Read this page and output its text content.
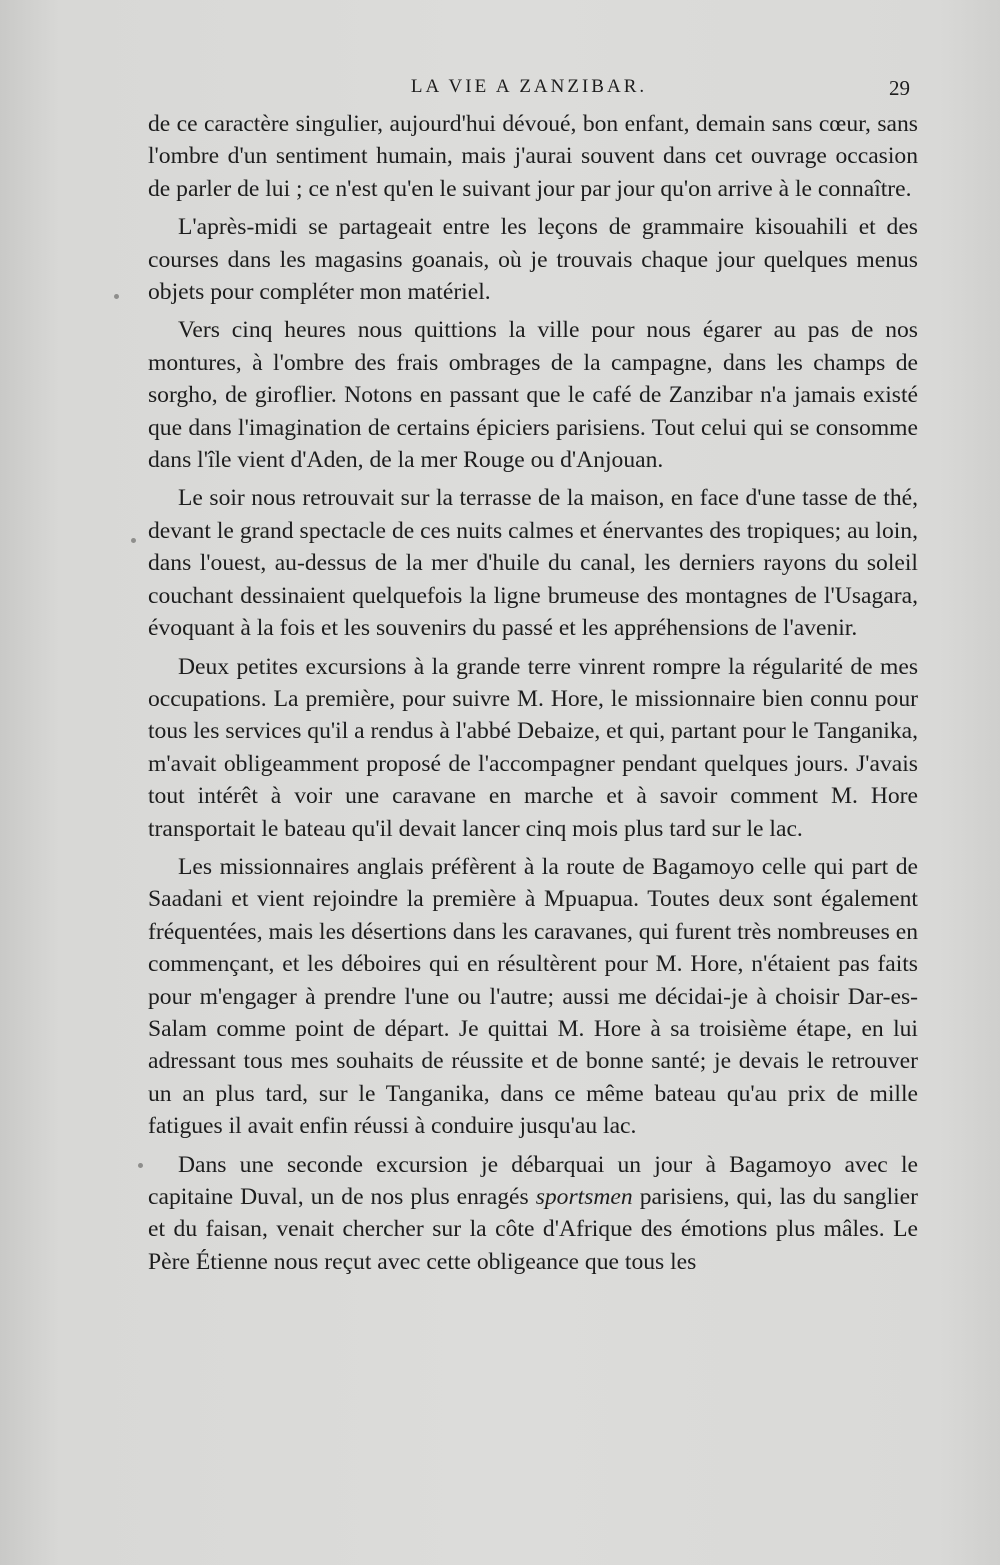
LA VIE A ZANZIBAR.	29

de ce caractère singulier, aujourd'hui dévoué, bon enfant, demain sans cœur, sans l'ombre d'un sentiment humain, mais j'aurai souvent dans cet ouvrage occasion de parler de lui ; ce n'est qu'en le suivant jour par jour qu'on arrive à le connaître.

L'après-midi se partageait entre les leçons de grammaire kisouahili et des courses dans les magasins goanais, où je trouvais chaque jour quelques menus objets pour compléter mon matériel.

Vers cinq heures nous quittions la ville pour nous égarer au pas de nos montures, à l'ombre des frais ombrages de la campagne, dans les champs de sorgho, de giroflier. Notons en passant que le café de Zanzibar n'a jamais existé que dans l'imagination de certains épiciers parisiens. Tout celui qui se consomme dans l'île vient d'Aden, de la mer Rouge ou d'Anjouan.

Le soir nous retrouvait sur la terrasse de la maison, en face d'une tasse de thé, devant le grand spectacle de ces nuits calmes et énervantes des tropiques; au loin, dans l'ouest, au-dessus de la mer d'huile du canal, les derniers rayons du soleil couchant dessinaient quelquefois la ligne brumeuse des montagnes de l'Usagara, évoquant à la fois et les souvenirs du passé et les appréhensions de l'avenir.

Deux petites excursions à la grande terre vinrent rompre la régularité de mes occupations. La première, pour suivre M. Hore, le missionnaire bien connu pour tous les services qu'il a rendus à l'abbé Debaize, et qui, partant pour le Tanganika, m'avait obligeamment proposé de l'accompagner pendant quelques jours. J'avais tout intérêt à voir une caravane en marche et à savoir comment M. Hore transportait le bateau qu'il devait lancer cinq mois plus tard sur le lac.

Les missionnaires anglais préfèrent à la route de Bagamoyo celle qui part de Saadani et vient rejoindre la première à Mpuapua. Toutes deux sont également fréquentées, mais les désertions dans les caravanes, qui furent très nombreuses en commençant, et les déboires qui en résultèrent pour M. Hore, n'étaient pas faits pour m'engager à prendre l'une ou l'autre; aussi me décidai-je à choisir Dar-es-Salam comme point de départ. Je quittai M. Hore à sa troisième étape, en lui adressant tous mes souhaits de réussite et de bonne santé; je devais le retrouver un an plus tard, sur le Tanganika, dans ce même bateau qu'au prix de mille fatigues il avait enfin réussi à conduire jusqu'au lac.

Dans une seconde excursion je débarquai un jour à Bagamoyo avec le capitaine Duval, un de nos plus enragés sportsmen parisiens, qui, las du sanglier et du faisan, venait chercher sur la côte d'Afrique des émotions plus mâles. Le Père Étienne nous reçut avec cette obligeance que tous les
